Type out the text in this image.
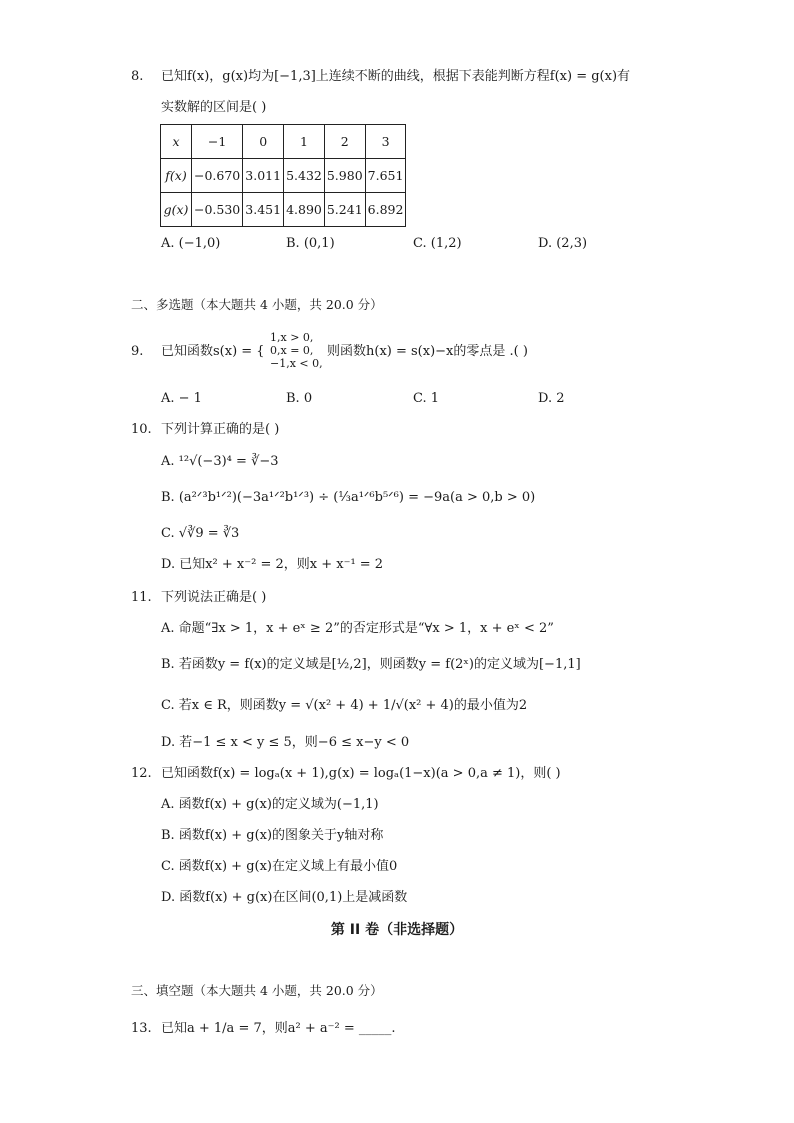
8. 已知f(x)，g(x)均为[−1,3]上连续不断的曲线，根据下表能判断方程f(x) = g(x)有
实数解的区间是( )
x	−1	0	1	2	3
f(x)	−0.670	3.011	5.432	5.980	7.651
g(x)	−0.530	3.451	4.890	5.241	6.892
A. (−1,0)	B. (0,1)	C. (1,2)	D. (2,3)
二、多选题（本大题共 4 小题，共 20.0 分）
9. 已知函数s(x) = {
1,x > 0,
0,x = 0,
−1,x < 0,
则函数h(x) = s(x)−x的零点是 .( )
A. − 1	B. 0	C. 1	D. 2
10. 下列计算正确的是( )
A. ¹²√(−3)⁴ = ∛−3
B. (a²ᐟ³b¹ᐟ²)(−3a¹ᐟ²b¹ᐟ³) ÷ (⅓a¹ᐟ⁶b⁵ᐟ⁶) = −9a(a > 0,b > 0)
C. √∛9 = ∛3
D. 已知x² + x⁻² = 2，则x + x⁻¹ = 2
11. 下列说法正确是( )
A. 命题“∃x > 1，x + eˣ ≥ 2”的否定形式是“∀x > 1，x + eˣ < 2”
B. 若函数y = f(x)的定义域是[½,2]，则函数y = f(2ˣ)的定义域为[−1,1]
C. 若x ∈ R，则函数y = √(x² + 4) + 1/√(x² + 4)的最小值为2
D. 若−1 ≤ x < y ≤ 5，则−6 ≤ x−y < 0
12. 已知函数f(x) = logₐ(x + 1),g(x) = logₐ(1−x)(a > 0,a ≠ 1)，则( )
A. 函数f(x) + g(x)的定义域为(−1,1)
B. 函数f(x) + g(x)的图象关于y轴对称
C. 函数f(x) + g(x)在定义域上有最小值0
D. 函数f(x) + g(x)在区间(0,1)上是减函数
第 II 卷（非选择题）
三、填空题（本大题共 4 小题，共 20.0 分）
13. 已知a + 1/a = 7，则a² + a⁻² = _____.
